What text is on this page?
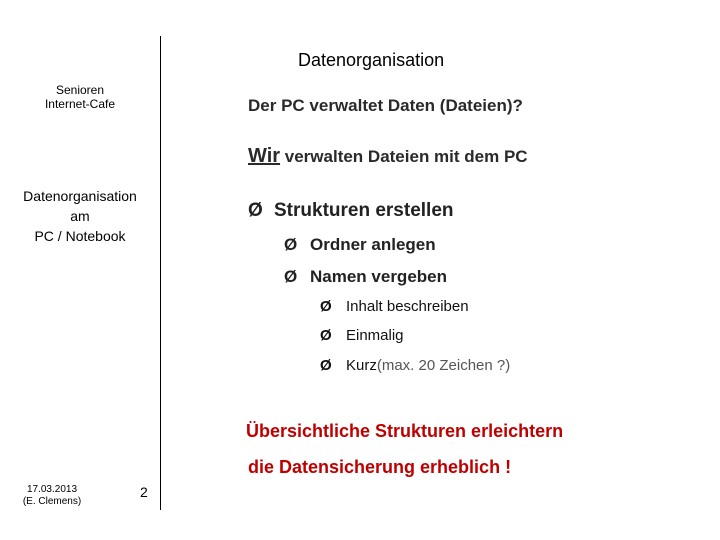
Datenorganisation
Senioren
Internet-Cafe
Datenorganisation
am
PC / Notebook
Der PC verwaltet Daten (Dateien)?
Wir verwalten Dateien mit dem PC
Ø Strukturen erstellen
Ø Ordner anlegen
Ø Namen vergeben
Ø Inhalt beschreiben
Ø Einmalig
Ø Kurz (max. 20 Zeichen ?)
Übersichtliche Strukturen erleichtern
die Datensicherung erheblich !
17.03.2013
(E. Clemens)
2
